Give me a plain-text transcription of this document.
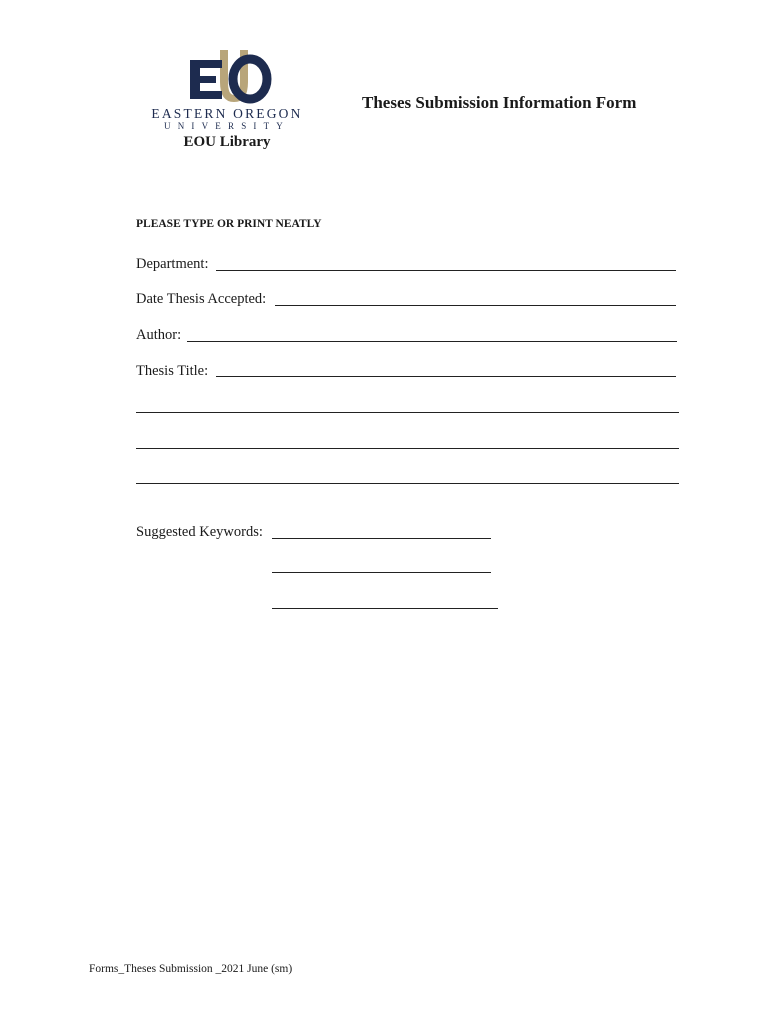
EASTERN OREGON
UNIVERSITY
EOU Library
Theses Submission Information Form
PLEASE TYPE OR PRINT NEATLY
Department:
Date Thesis Accepted:
Author:
Thesis Title:
Suggested Keywords:
Forms_Theses Submission _2021 June (sm)
